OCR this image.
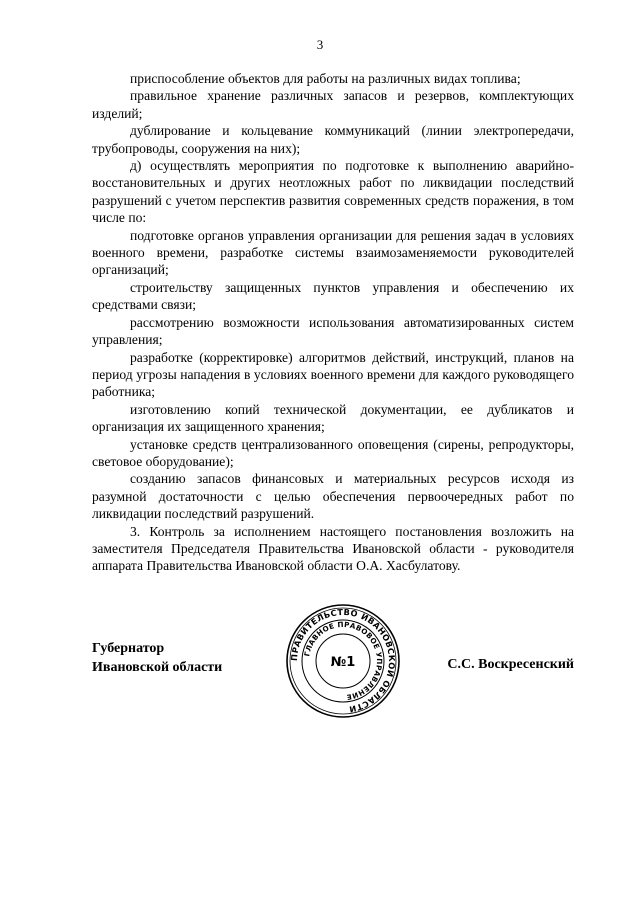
3

приспособление объектов для работы на различных видах топлива;

правильное хранение различных запасов и резервов, комплектующих изделий;

дублирование и кольцевание коммуникаций (линии электропередачи, трубопроводы, сооружения на них);

д) осуществлять мероприятия по подготовке к выполнению аварийно-восстановительных и других неотложных работ по ликвидации последствий разрушений с учетом перспектив развития современных средств поражения, в том числе по:

подготовке органов управления организации для решения задач в условиях военного времени, разработке системы взаимозаменяемости руководителей организаций;

строительству защищенных пунктов управления и обеспечению их средствами связи;

рассмотрению возможности использования автоматизированных систем управления;

разработке (корректировке) алгоритмов действий, инструкций, планов на период угрозы нападения в условиях военного времени для каждого руководящего работника;

изготовлению копий технической документации, ее дубликатов и организация их защищенного хранения;

установке средств централизованного оповещения (сирены, репродукторы, световое оборудование);

созданию запасов финансовых и материальных ресурсов исходя из разумной достаточности с целью обеспечения первоочередных работ по ликвидации последствий разрушений.

3. Контроль за исполнением настоящего постановления возложить на заместителя Председателя Правительства Ивановской области - руководителя аппарата Правительства Ивановской области О.А. Хасбулатову.

Губернатор
Ивановской области	С.С. Воскресенский
ПРАВИТЕЛЬСТВО ИВАНОВСКОЙ ОБЛАСТИ
ГЛАВНОЕ ПРАВОВОЕ УПРАВЛЕНИЕ
№1
